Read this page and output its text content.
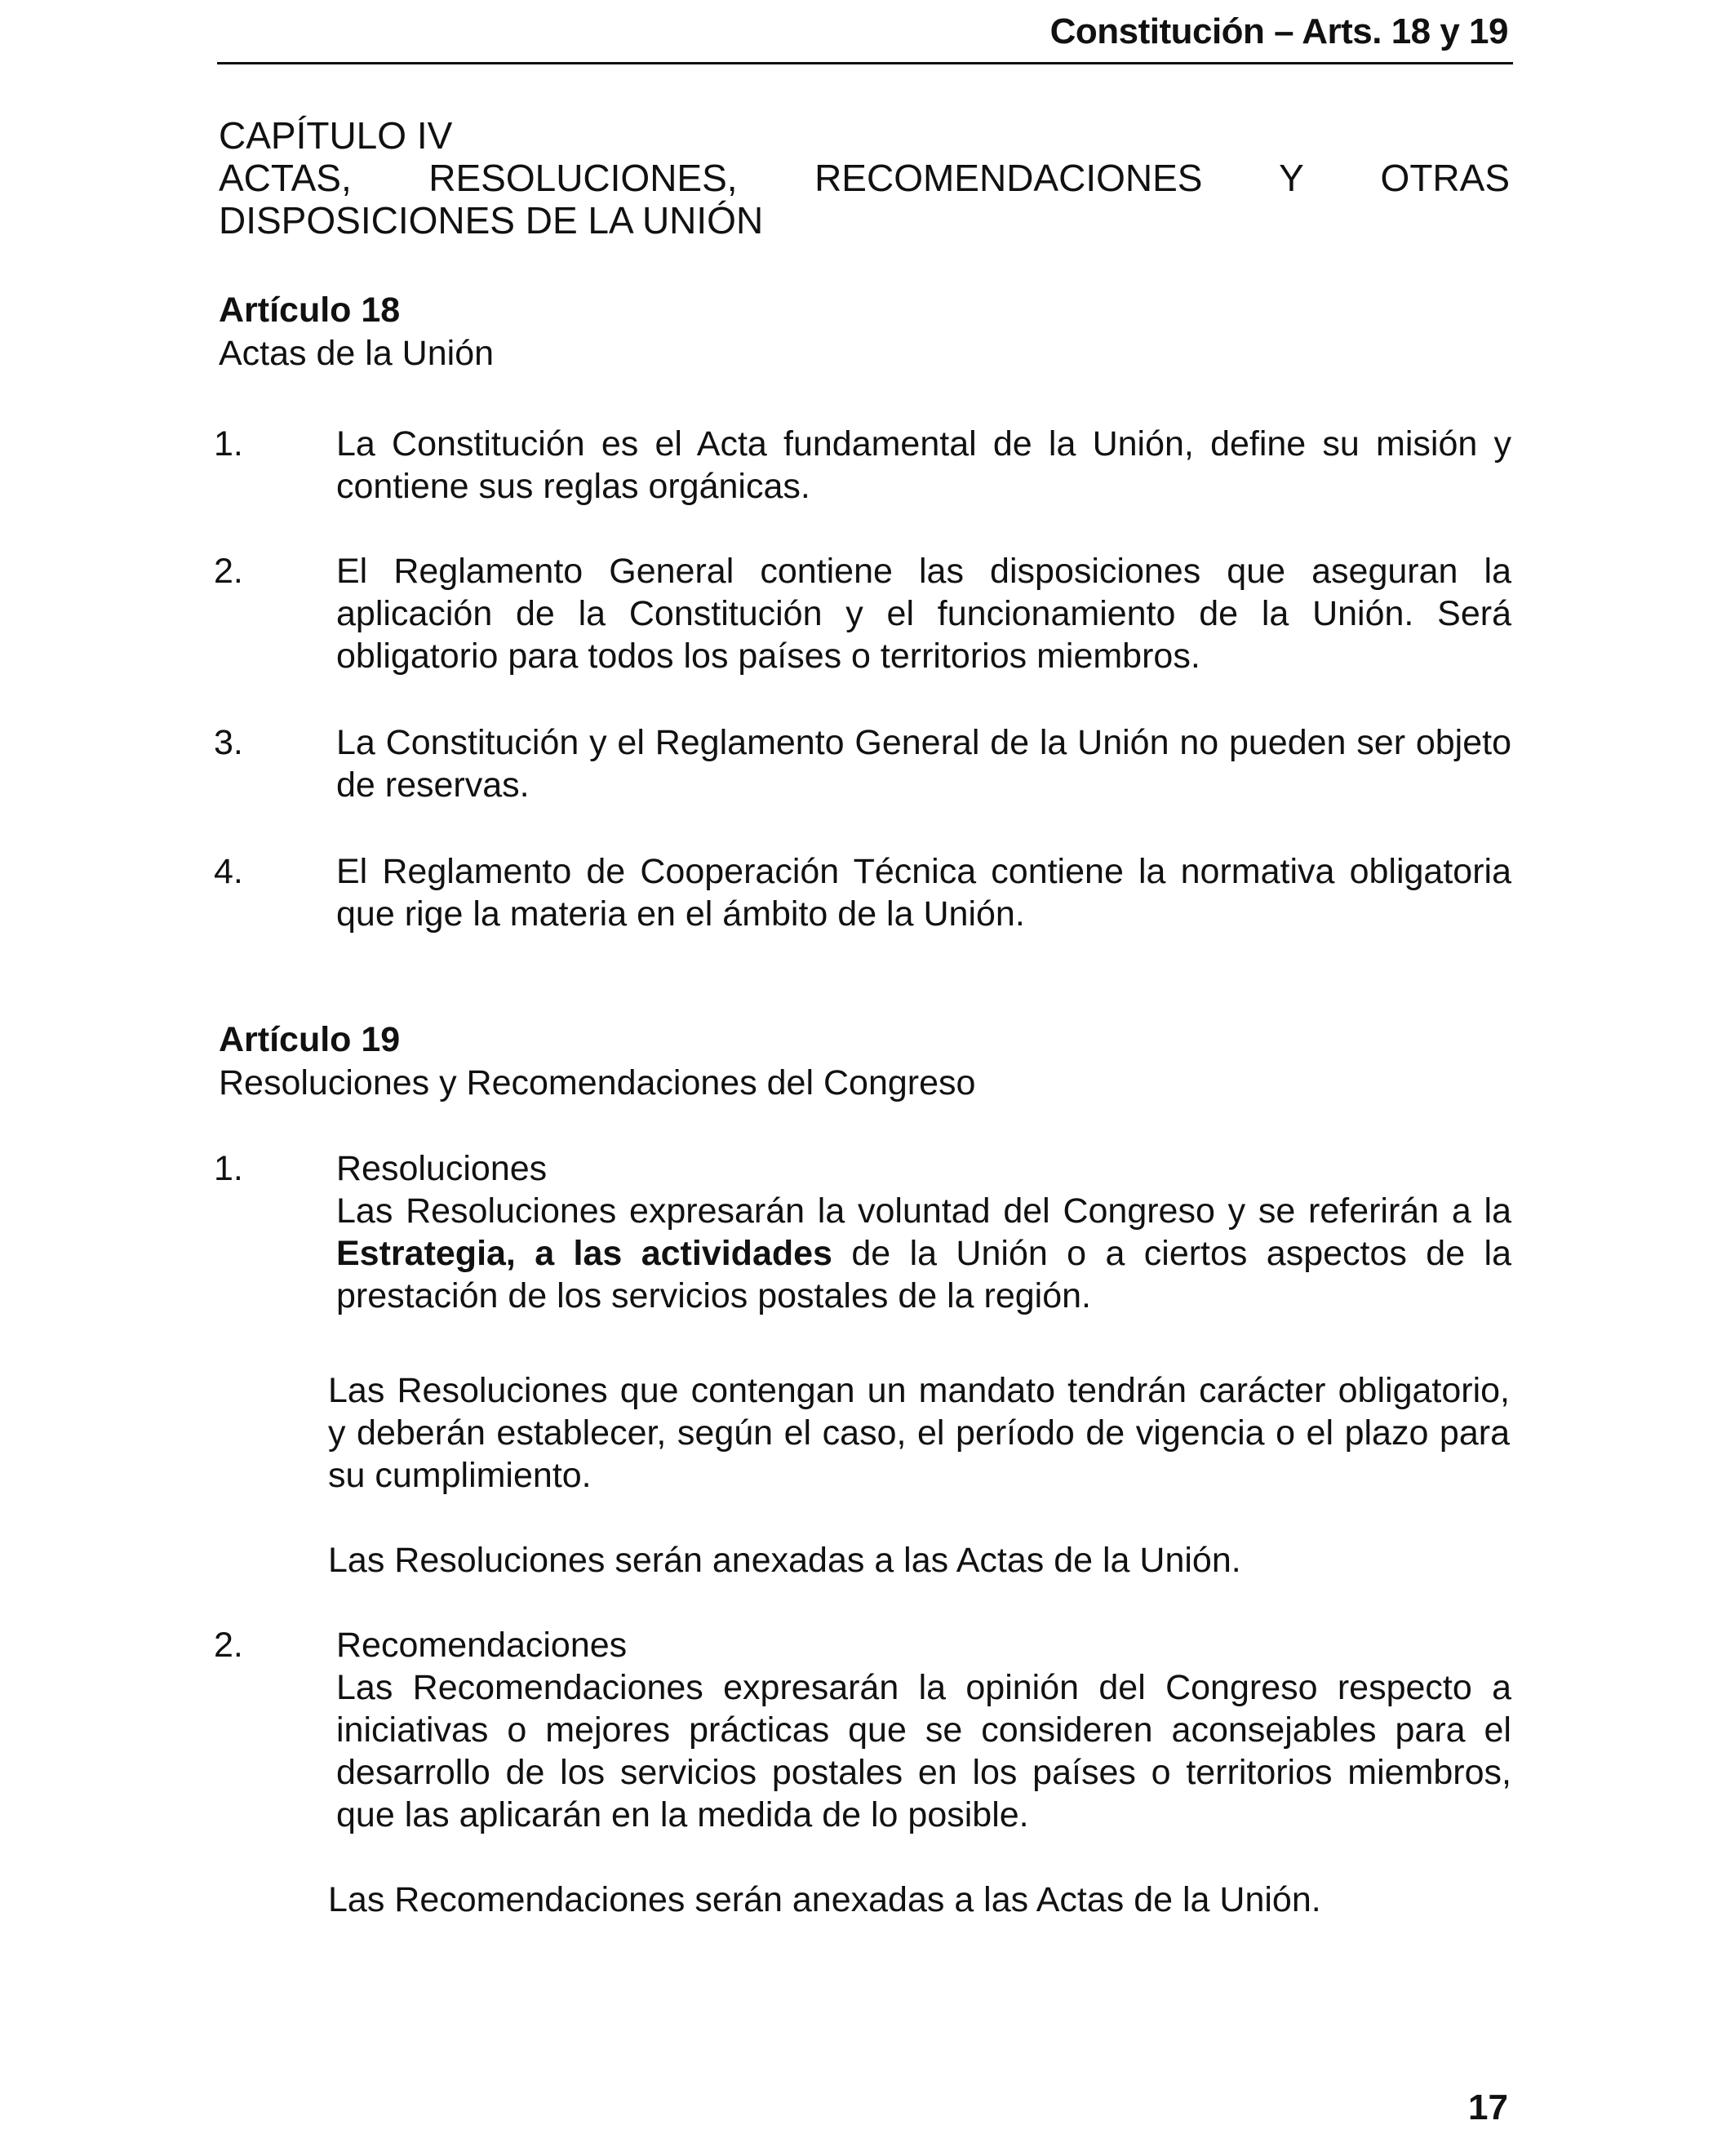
Constitución – Arts. 18 y 19
CAPÍTULO IV
ACTAS, RESOLUCIONES, RECOMENDACIONES Y OTRAS DISPOSICIONES DE LA UNIÓN
Artículo 18
Actas de la Unión
1.	La Constitución es el Acta fundamental de la Unión, define su misión y contiene sus reglas orgánicas.
2.	El Reglamento General contiene las disposiciones que aseguran la aplicación de la Constitución y el funcionamiento de la Unión. Será obligatorio para todos los países o territorios miembros.
3.	La Constitución y el Reglamento General de la Unión no pueden ser objeto de reservas.
4.	El Reglamento de Cooperación Técnica contiene la normativa obligatoria que rige la materia en el ámbito de la Unión.
Artículo 19
Resoluciones y Recomendaciones del Congreso
1.	Resoluciones

Las Resoluciones expresarán la voluntad del Congreso y se referirán a la Estrategia, a las actividades de la Unión o a ciertos aspectos de la prestación de los servicios postales de la región.

Las Resoluciones que contengan un mandato tendrán carácter obligatorio, y deberán establecer, según el caso, el período de vigencia o el plazo para su cumplimiento.
Las Resoluciones serán anexadas a las Actas de la Unión.
2.	Recomendaciones

Las Recomendaciones expresarán la opinión del Congreso respecto a iniciativas o mejores prácticas que se consideren aconsejables para el desarrollo de los servicios postales en los países o territorios miembros, que las aplicarán en la medida de lo posible.

Las Recomendaciones serán anexadas a las Actas de la Unión.
17
